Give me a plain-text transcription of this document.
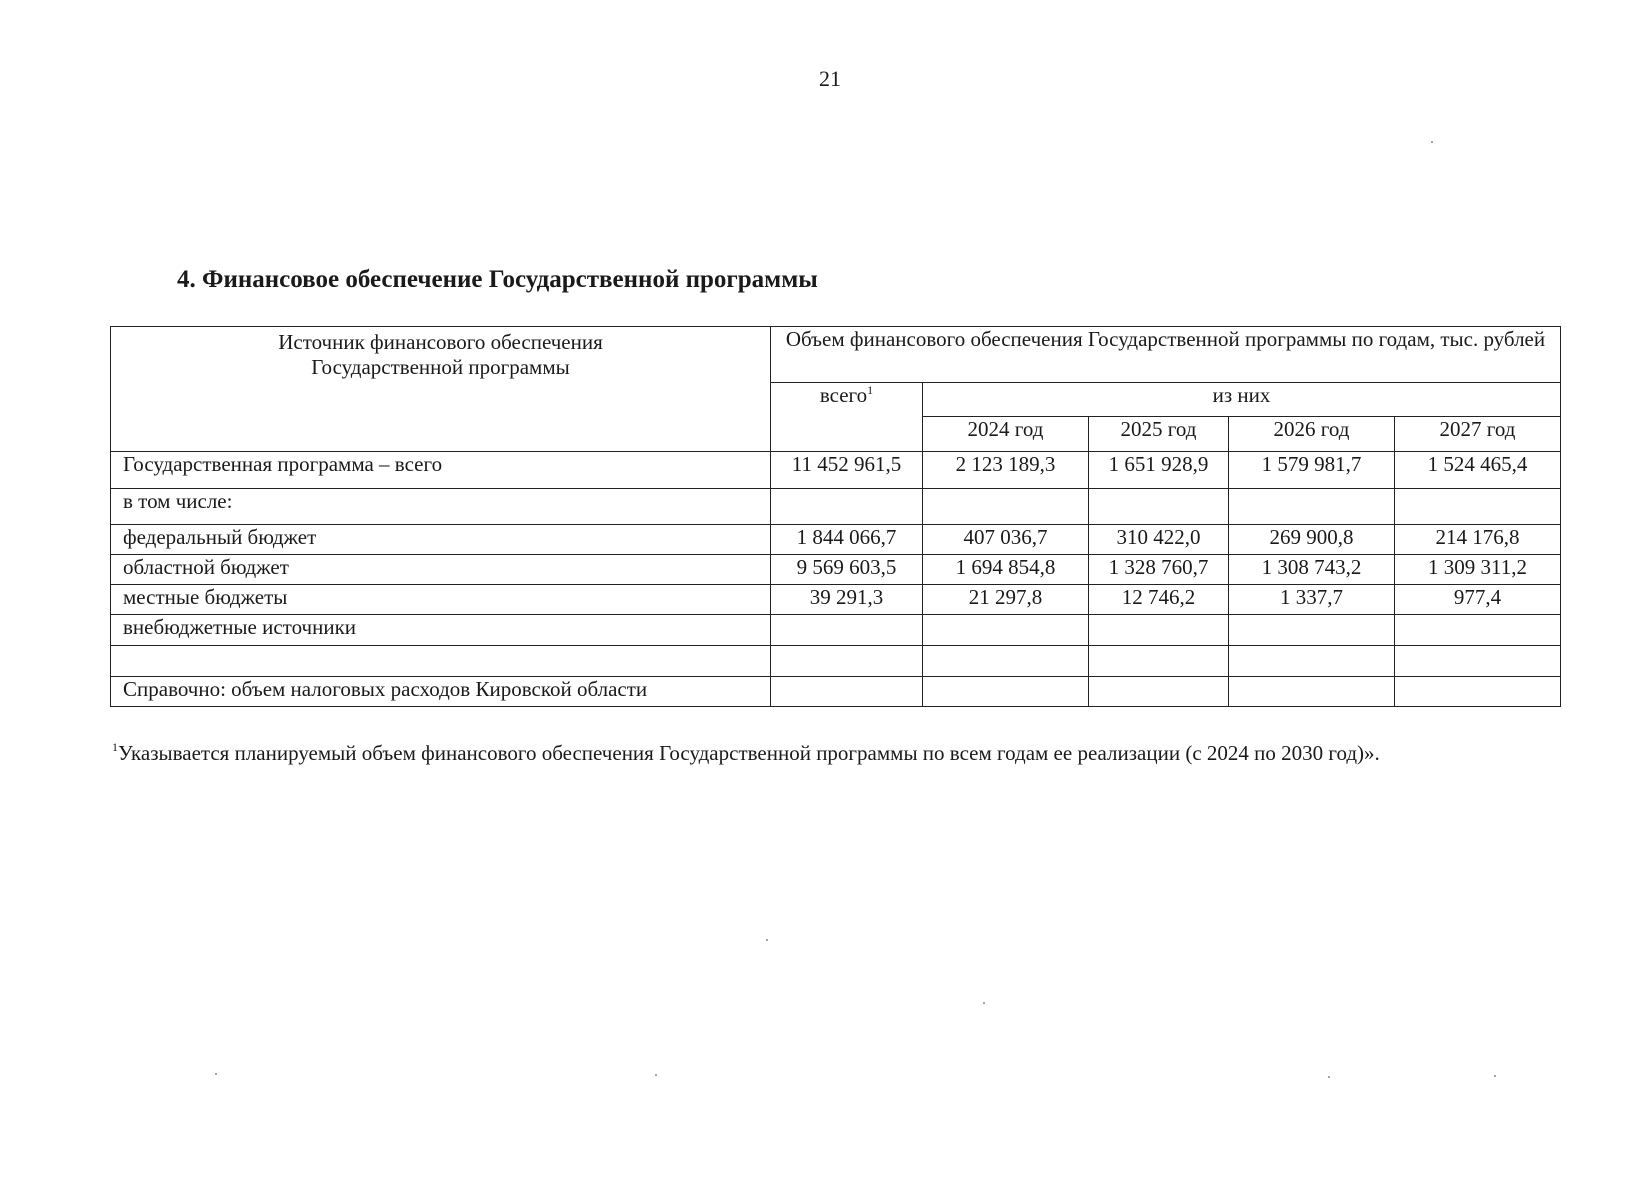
21
4. Финансовое обеспечение Государственной программы
Источник финансового обеспечения
Государственной программы	Объем финансового обеспечения Государственной программы по годам, тыс. рублей				
	всего$^1$	из них			
		2024 год	2025 год	2026 год	2027 год
Государственная программа – всего	11 452 961,5	2 123 189,3	1 651 928,9	1 579 981,7	1 524 465,4
в том числе:					
федеральный бюджет	1 844 066,7	407 036,7	310 422,0	269 900,8	214 176,8
областной бюджет	9 569 603,5	1 694 854,8	1 328 760,7	1 308 743,2	1 309 311,2
местные бюджеты	39 291,3	21 297,8	12 746,2	1 337,7	977,4
внебюджетные источники					

Справочно: объем налоговых расходов Кировской области					
$^1$Указывается планируемый объем финансового обеспечения Государственной программы по всем годам ее реализации (с 2024 по 2030 год)».
